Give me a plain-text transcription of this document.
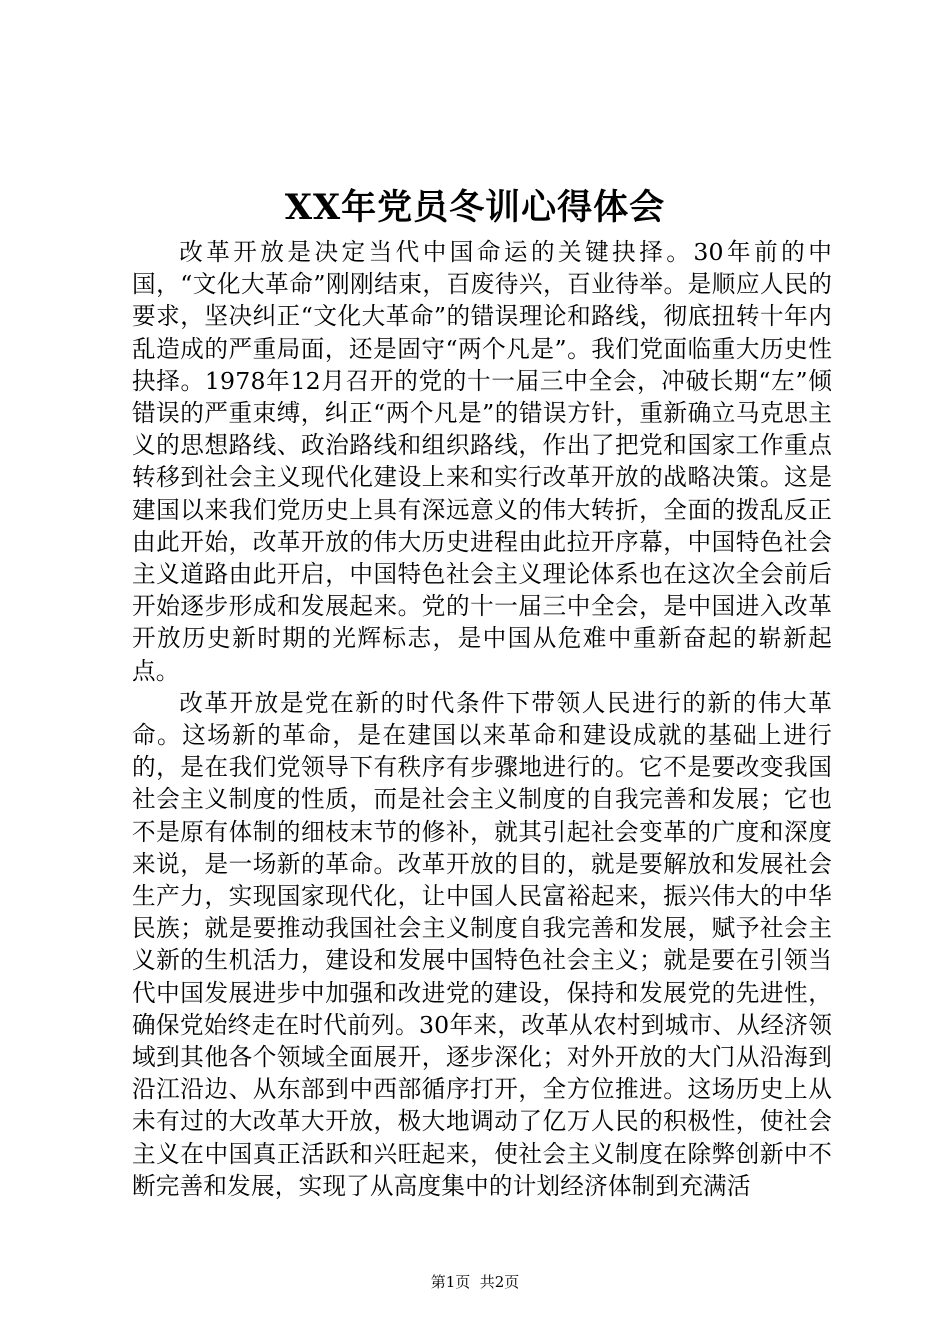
XX年党员冬训心得体会

改革开放是决定当代中国命运的关键抉择。30年前的中国，“文化大革命”刚刚结束，百废待兴，百业待举。是顺应人民的要求，坚决纠正“文化大革命”的错误理论和路线，彻底扭转十年内乱造成的严重局面，还是固守“两个凡是”。我们党面临重大历史性抉择。1978年12月召开的党的十一届三中全会，冲破长期“左”倾错误的严重束缚，纠正“两个凡是”的错误方针，重新确立马克思主义的思想路线、政治路线和组织路线，作出了把党和国家工作重点转移到社会主义现代化建设上来和实行改革开放的战略决策。这是建国以来我们党历史上具有深远意义的伟大转折，全面的拨乱反正由此开始，改革开放的伟大历史进程由此拉开序幕，中国特色社会主义道路由此开启，中国特色社会主义理论体系也在这次全会前后开始逐步形成和发展起来。党的十一届三中全会，是中国进入改革开放历史新时期的光辉标志，是中国从危难中重新奋起的崭新起点。

改革开放是党在新的时代条件下带领人民进行的新的伟大革命。这场新的革命，是在建国以来革命和建设成就的基础上进行的，是在我们党领导下有秩序有步骤地进行的。它不是要改变我国社会主义制度的性质，而是社会主义制度的自我完善和发展；它也不是原有体制的细枝末节的修补，就其引起社会变革的广度和深度来说，是一场新的革命。改革开放的目的，就是要解放和发展社会生产力，实现国家现代化，让中国人民富裕起来，振兴伟大的中华民族；就是要推动我国社会主义制度自我完善和发展，赋予社会主义新的生机活力，建设和发展中国特色社会主义；就是要在引领当代中国发展进步中加强和改进党的建设，保持和发展党的先进性，确保党始终走在时代前列。30年来，改革从农村到城市、从经济领域到其他各个领域全面展开，逐步深化；对外开放的大门从沿海到沿江沿边、从东部到中西部循序打开，全方位推进。这场历史上从未有过的大改革大开放，极大地调动了亿万人民的积极性，使社会主义在中国真正活跃和兴旺起来，使社会主义制度在除弊创新中不断完善和发展，实现了从高度集中的计划经济体制到充满活

第1页  共2页
